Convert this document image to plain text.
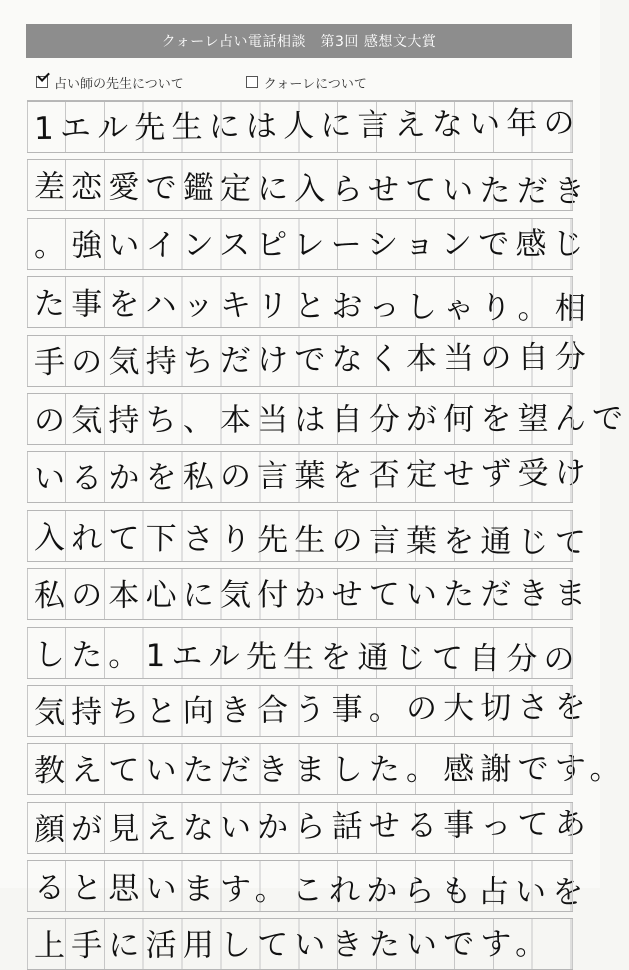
クォーレ占い電話相談　第3回 感想文大賞
占い師の先生について	クォーレについて
1エル先生には人に言えない年の
差恋愛で鑑定に入らせていただき
。強いインスピレーションで感じ
た事をハッキリとおっしゃり。相
手の気持ちだけでなく本当の自分
の気持ち、本当は自分が何を望んで
いるかを私の言葉を否定せず受け
入れて下さり先生の言葉を通じて
私の本心に気付かせていただきま
した。1エル先生を通じて自分の
気持ちと向き合う事。の大切さを
教えていただきました。感謝です。
顔が見えないから話せる事ってあ
ると思います。これからも占いを
上手に活用していきたいです。
